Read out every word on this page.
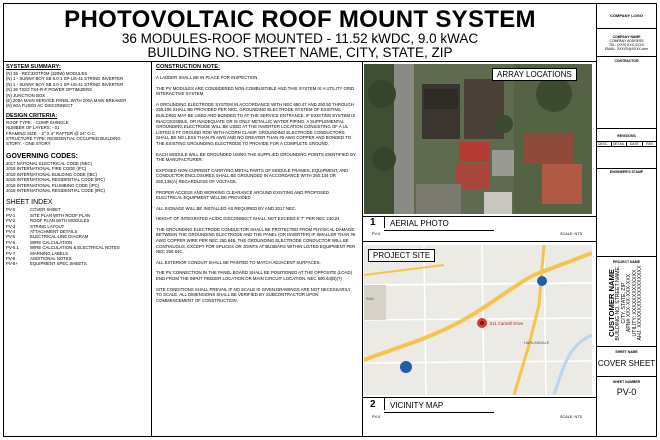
PHOTOVOLTAIC ROOF MOUNT SYSTEM
36 MODULES-ROOF MOUNTED - 11.52 kWDC, 9.0 kWAC
BUILDING NO. STREET NAME, CITY, STATE, ZIP
SYSTEM SUMMARY:
(N) 36 - REC320TP2M (320W) MODULES
(N) 1 - SUNNY BOY SB 6.0-1 SP-US-41 STRING INVERTER
(N) 1 - SUNNY BOY SB 3.0-1 SP-US-41 STRING INVERTER
(N) 36 TIGO TS4-R-F POWER OPTIMIZERS
(N) JUNCTION BOX
(E) 200A MAIN SERVICE PANEL WITH 200A MAIN BREAKER
(N) 60A FUSED AC DISCONNECT
DESIGN CRITERIA:
ROOF TYPE: - COMP SHINGLE
NUMBER OF LAYERS: - 01
FRAMING SIZE: - 2" X 4" RAFTER @ 24" O.C.
STRUCTURE TYPE: RESIDENTIAL OCCUPIED BUILDING
STORY: - ONE STORY
GOVERNING CODES:
2017 NATIONAL ELECTRICAL CODE (NEC)
2018 INTERNATIONAL FIRE CODE (IFC)
2018 INTERNATIONAL BUILDING CODE (IBC)
2018 INTERNATIONAL RESIDENTIAL CODE (IRC)
2018 INTERNATIONAL PLUMBING CODE (IPC)
2018 INTERNATIONAL RESIDENTIAL CODE (IRC)
SHEET INDEX
PV-0	COVER SHEET
PV-1	SITE PLAN WITH ROOF PLAN
PV-2	ROOF PLAN WITH MODULES
PV-3	STRING LAYOUT
PV-4	ATTACHMENT DETAILS
PV-5	ELECTRICAL LINE DIAGRAM
PV-6	WIRE CALCULATION
PV-6.1	WIRE CALCULATION & ELECTRICAL NOTES
PV-7	WARNING LABELS
PV-8	ADDITIONAL NOTES
PV-8+	EQUIPMENT SPEC SHEETS
CONSTRUCTION NOTE:
A LADDER SHALL BE IN PLACE FOR INSPECTION
THE PV MODULES ARE CONSIDERED NON-COMBUSTIBLE AND THIS SYSTEM IS A UTILITY GRID INTERACTIVE SYSTEM
A GROUNDING ELECTRODE SYSTEM IN ACCORDANCE WITH NEC 690.47 AND 250.50 THROUGH 250.106 SHALL BE PROVIDED PER NEC, GROUNDING ELECTRODE SYSTEM OF EXISTING BUILDING MAY BE USED AND BONDED TO AT THE SERVICE ENTRANCE. IF EXISTING SYSTEM IS INACCESSIBLE, OR INADEQUATE OR IS ONLY METALLIC WATER PIPING, A SUPPLEMENTAL GROUNDING ELECTRODE WILL BE USED AT THE INVERTER LOCATION CONSISTING OF A UL LISTED 8 FT GROUND ROD WITH ACORN CLAMP. GROUNDING ELECTRODE CONDUCTORS SHALL BE NO LESS THAN #6 AWG AND NO GREATER THAN #0 AWG COPPER AND BONDED TO THE EXISTING GROUNDING ELECTRODE TO PROVIDE FOR A COMPLETE GROUND.
EACH MODULE WILL BE GROUNDED USING THE SUPPLIED GROUNDING POINTS IDENTIFIED BY THE MANUFACTURER.
EXPOSED NON-CURRENT CARRYING METAL PARTS OF MODULE FRAMES, EQUIPMENT, AND CONDUCTOR ENCLOSURES SHALL BE GROUNDED IN ACCORDANCE WITH 250.134 OR 250.136(A) REGARDLESS OF VOLTAGE.
PROPER ACCESS AND WORKING CLEARANCE AROUND EXISTING AND PROPOSED ELECTRICAL EQUIPMENT WILL BE PROVIDED
ALL SIGNAGE WILL BE INSTALLED AS REQUIRED BY AND 2017 NEC.
HEIGHT OF INTEGRATED AC/DC DISCONNECT SHALL NOT EXCEED 6' 7" PER NEC 240.24
THE GROUNDING ELECTRODE CONDUCTOR SHALL BE PROTECTED FROM PHYSICAL DAMAGE BETWEEN THE GROUNDING ELECTRODE AND THE PANEL (OR INVERTER) IF SMALLER THAN #6 AWG COPPER WIRE PER NEC 250.64B. THE GROUNDING ELECTRODE CONDUCTOR WILL BE CONTINUOUS, EXCEPT FOR SPLICES OR JOINTS AT BUSBARS WITHIN LISTED EQUIPMENT PER NEC 250.64C.
ALL EXTERIOR CONDUIT SHALL BE PAINTED TO MATCH ADJACENT SURFACES.
THE PV CONNECTION IN THE PANEL BOARD SHALL BE POSITIONED AT THE OPPOSITE (LOAD) END FROM THE INPUT FEEDER LOCATION OR MAIN CIRCUIT LOCATION. NEC 690.64(B)(7)
SITE CONDITIONS SHALL PREVAIL IF NO SCALE IS GIVEN DRAWINGS ARE NOT NECESSARILY TO SCALE. ALL DIMENSIONS SHALL BE VERIFIED BY SUBCONTRACTOR UPON COMMENCEMENT OF CONSTRUCTION.
ARRAY LOCATIONS
1 AERIAL PHOTO
PV-0	SCALE: NTS
PROJECT SITE
511 Cantrell Drive
HARLANDALE
SAN
2 VICINITY MAP
PV-0	SCALE: NTS
COMPANY LOGO
COMPANY NAME
COMPANY ADDRESS
TEL: (XXX) XXX-XXXX
EMAIL: XXXXX@XXXX.com
CONTRACTOR
REVISIONS
DESC.	DETAIL	DATE	REV
ENGINEER'S STAMP
PROJECT NAME
SHEET NAME
COVER SHEET
SHEET NUMBER
PV-0
CUSTOMER NAME BUILDING NO. STREET NAME, CITY, STATE, ZIP APN# XXX-XX-XXX-XXX UTILITY: XXXXXXXXXXXXX AHJ: XXXXXXXXXXXXXXXXXX
